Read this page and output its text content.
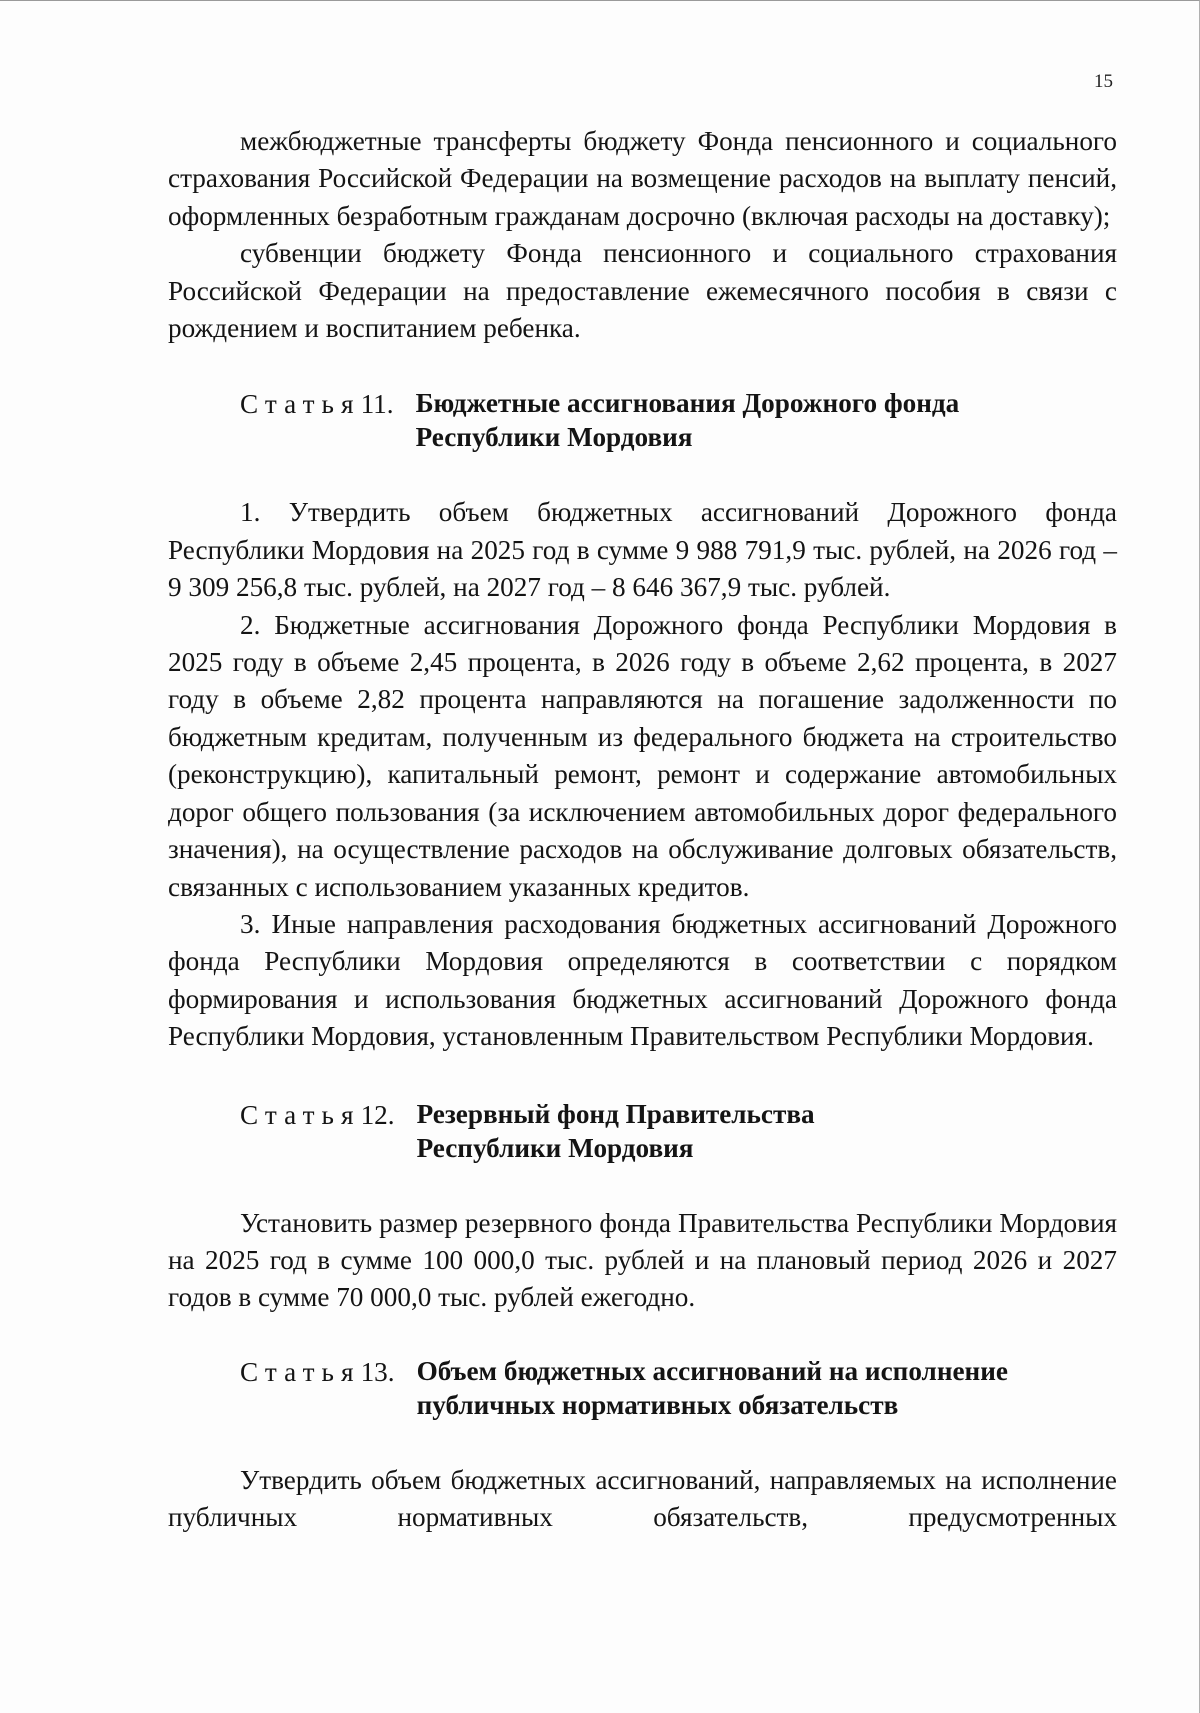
15

межбюджетные трансферты бюджету Фонда пенсионного и социального страхования Российской Федерации на возмещение расходов на выплату пенсий, оформленных безработным гражданам досрочно (включая расходы на доставку);

субвенции бюджету Фонда пенсионного и социального страхования Российской Федерации на предоставление ежемесячного пособия в связи с рождением и воспитанием ребенка.

Статья 11. Бюджетные ассигнования Дорожного фонда
Республики Мордовия

1. Утвердить объем бюджетных ассигнований Дорожного фонда Республики Мордовия на 2025 год в сумме 9 988 791,9 тыс. рублей, на 2026 год – 9 309 256,8 тыс. рублей, на 2027 год – 8 646 367,9 тыс. рублей.

2. Бюджетные ассигнования Дорожного фонда Республики Мордовия в 2025 году в объеме 2,45 процента, в 2026 году в объеме 2,62 процента, в 2027 году в объеме 2,82 процента направляются на погашение задолженности по бюджетным кредитам, полученным из федерального бюджета на строительство (реконструкцию), капитальный ремонт, ремонт и содержание автомобильных дорог общего пользования (за исключением автомобильных дорог федерального значения), на осуществление расходов на обслуживание долговых обязательств, связанных с использованием указанных кредитов.

3. Иные направления расходования бюджетных ассигнований Дорожного фонда Республики Мордовия определяются в соответствии с порядком формирования и использования бюджетных ассигнований Дорожного фонда Республики Мордовия, установленным Правительством Республики Мордовия.

Статья 12. Резервный фонд Правительства
Республики Мордовия

Установить размер резервного фонда Правительства Республики Мордовия на 2025 год в сумме 100 000,0 тыс. рублей и на плановый период 2026 и 2027 годов в сумме 70 000,0 тыс. рублей ежегодно.

Статья 13. Объем бюджетных ассигнований на исполнение
публичных нормативных обязательств

Утвердить объем бюджетных ассигнований, направляемых на исполнение публичных нормативных обязательств, предусмотренных
